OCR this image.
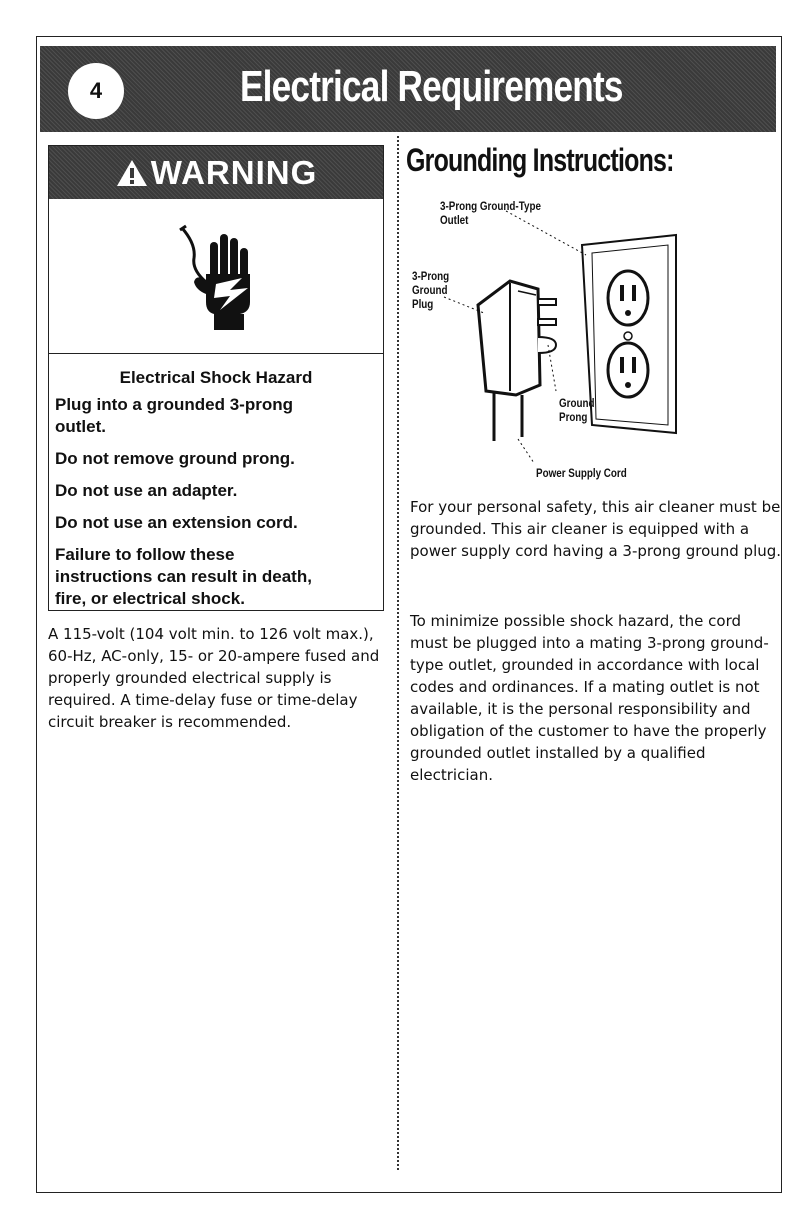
4	Electrical Requirements
WARNING
Electrical Shock Hazard
Plug into a grounded 3-prong
outlet.
Do not remove ground prong.
Do not use an adapter.
Do not use an extension cord.
Failure to follow these
instructions can result in death,
fire, or electrical shock.
A 115-volt (104 volt min. to 126 volt max.), 60-Hz, AC-only, 15- or 20-ampere fused and properly grounded electrical supply is required. A time-delay fuse or time-delay circuit breaker is recommended.
Grounding Instructions:
3-Prong Ground-Type
Outlet
3-Prong
Ground
Plug
Ground
Prong
Power Supply Cord
For your personal safety, this air cleaner must be grounded. This air cleaner is equipped with a power supply cord having a 3-prong ground plug.
To minimize possible shock hazard, the cord must be plugged into a mating 3-prong ground-type outlet, grounded in accordance with local codes and ordinances. If a mating outlet is not available, it is the personal responsibility and obligation of the customer to have the properly grounded outlet installed by a qualified electrician.
